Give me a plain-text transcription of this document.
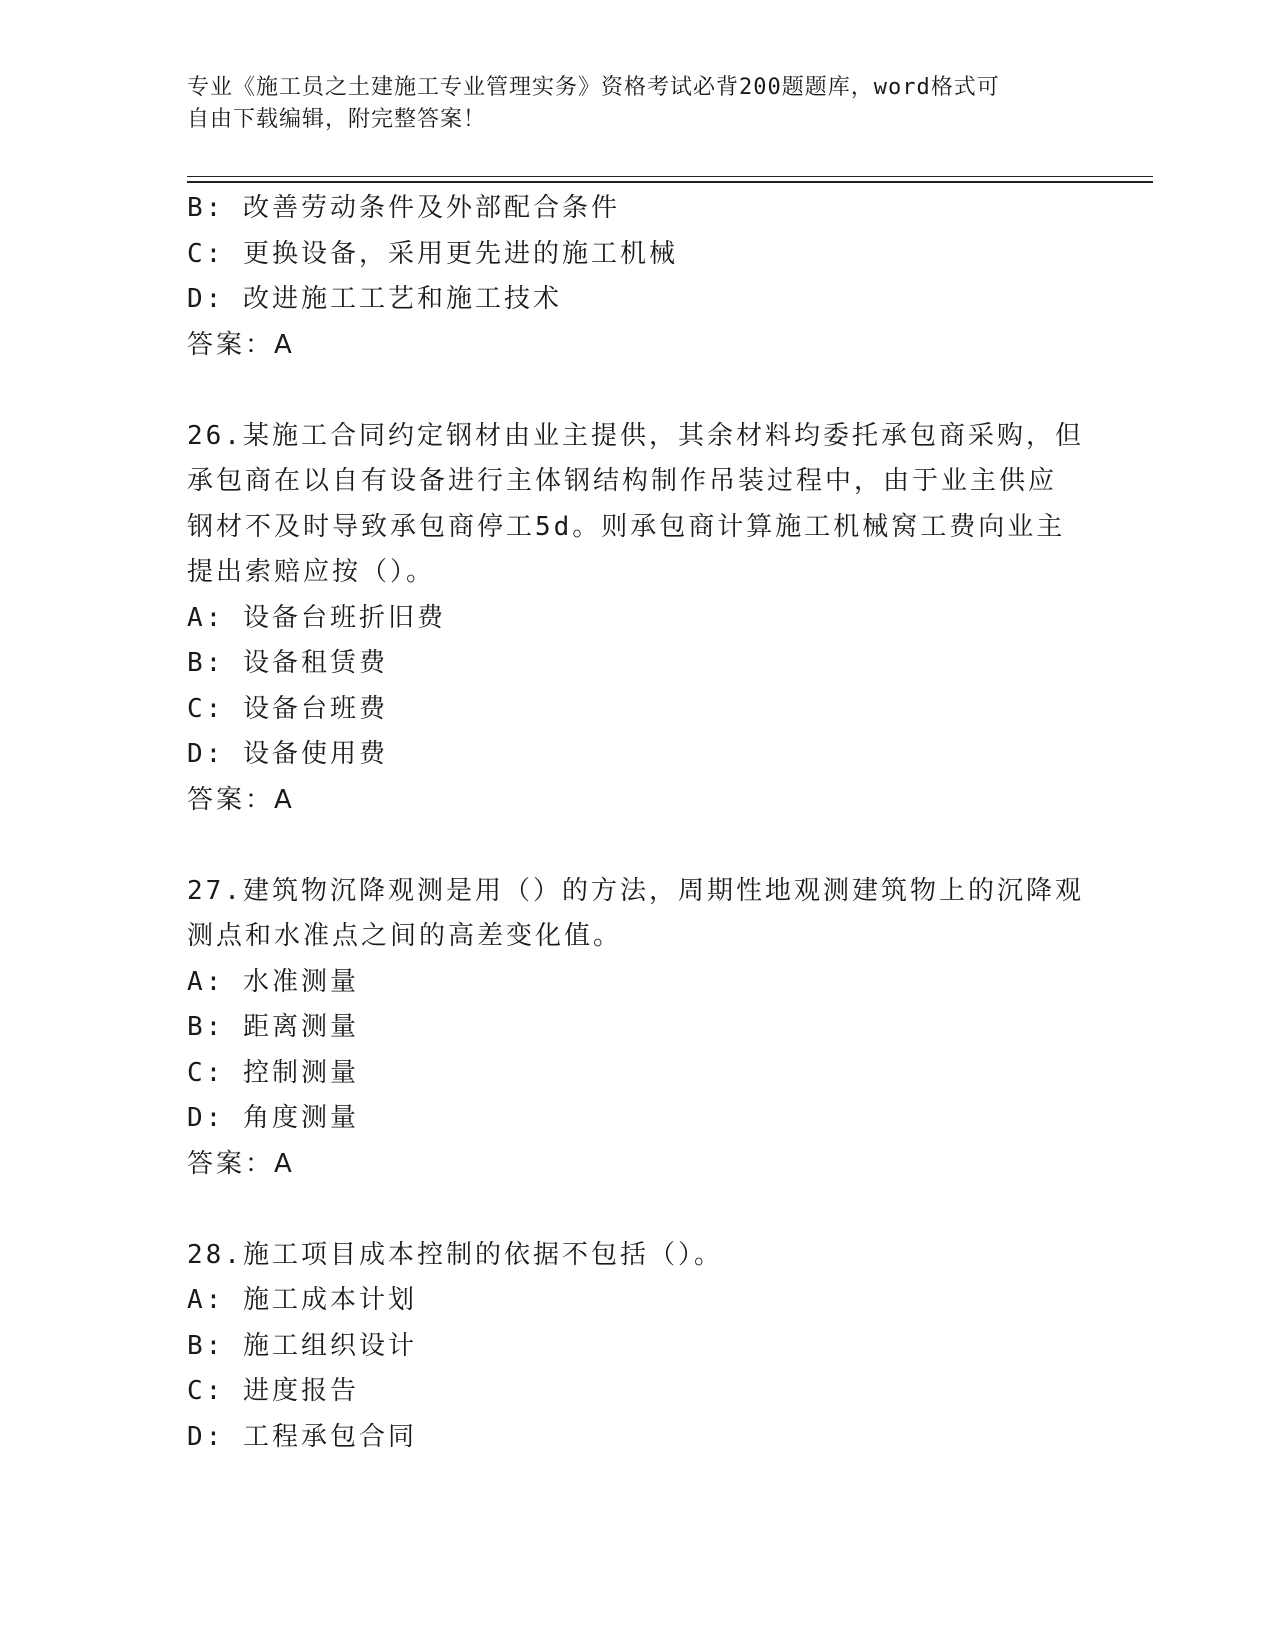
专业《施工员之土建施工专业管理实务》资格考试必背200题题库，word格式可
自由下载编辑，附完整答案！
B: 改善劳动条件及外部配合条件
C: 更换设备，采用更先进的施工机械
D: 改进施工工艺和施工技术
答案：A
26.某施工合同约定钢材由业主提供，其余材料均委托承包商采购，但
承包商在以自有设备进行主体钢结构制作吊装过程中，由于业主供应
钢材不及时导致承包商停工5d。则承包商计算施工机械窝工费向业主
提出索赔应按（）。
A: 设备台班折旧费
B: 设备租赁费
C: 设备台班费
D: 设备使用费
答案：A
27.建筑物沉降观测是用（）的方法，周期性地观测建筑物上的沉降观
测点和水准点之间的高差变化值。
A: 水准测量
B: 距离测量
C: 控制测量
D: 角度测量
答案：A
28.施工项目成本控制的依据不包括（）。
A: 施工成本计划
B: 施工组织设计
C: 进度报告
D: 工程承包合同
